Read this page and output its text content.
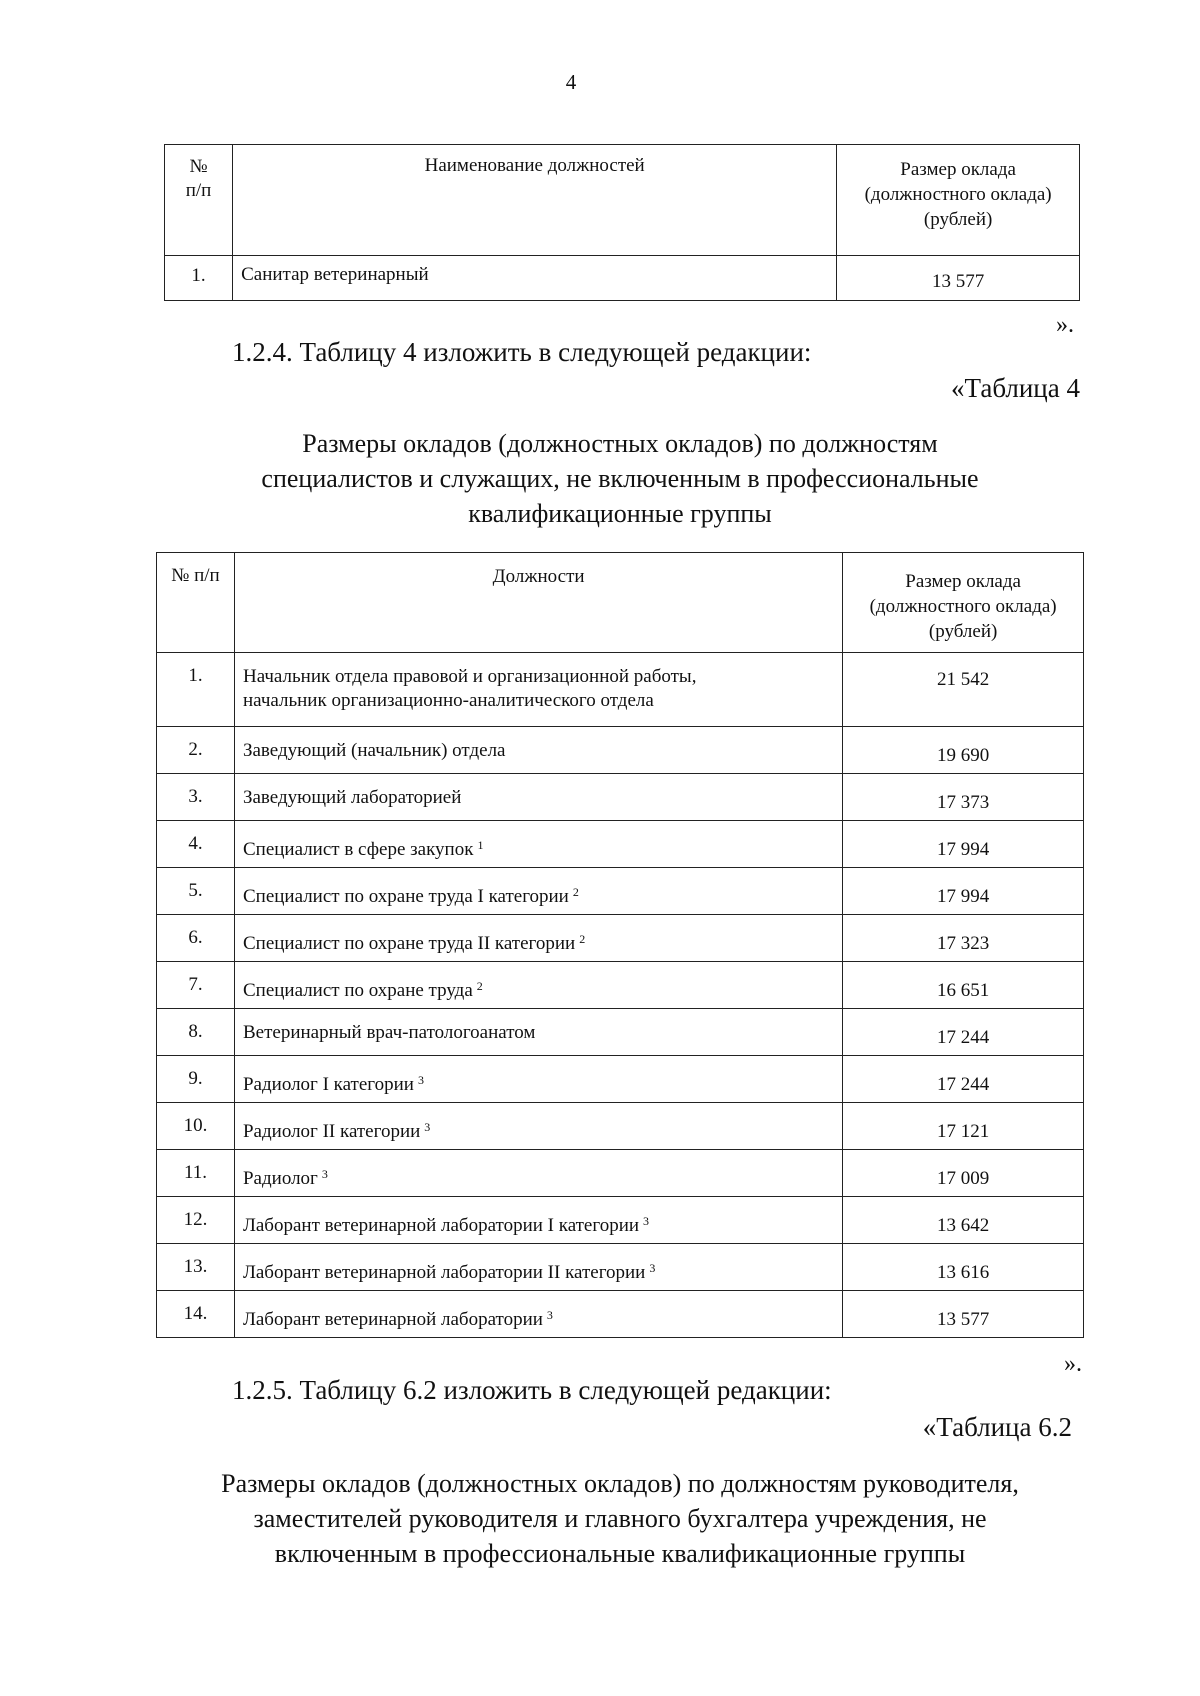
4
№
п/п	Наименование должностей	Размер оклада
(должностного оклада)
(рублей)

1.	Санитар ветеринарный	13 577
».
1.2.4. Таблицу 4 изложить в следующей редакции:
«Таблица 4
Размеры окладов (должностных окладов) по должностям
специалистов и служащих, не включенным в профессиональные
квалификационные группы
№ п/п	Должности	Размер оклада
(должностного оклада)
(рублей)

1.	Начальник отдела правовой и организационной работы,
начальник организационно-аналитического отдела	21 542
2.	Заведующий (начальник) отдела	19 690
3.	Заведующий лабораторией	17 373
4.	Специалист в сфере закупок $^1$	17 994
5.	Специалист по охране труда I категории $^2$	17 994
6.	Специалист по охране труда II категории $^2$	17 323
7.	Специалист по охране труда $^2$	16 651
8.	Ветеринарный врач-патологоанатом	17 244
9.	Радиолог I категории $^3$	17 244
10.	Радиолог II категории $^3$	17 121
11.	Радиолог $^3$	17 009
12.	Лаборант ветеринарной лаборатории I категории $^3$	13 642
13.	Лаборант ветеринарной лаборатории II категории $^3$	13 616
14.	Лаборант ветеринарной лаборатории $^3$	13 577
».
1.2.5. Таблицу 6.2 изложить в следующей редакции:
«Таблица 6.2
Размеры окладов (должностных окладов) по должностям руководителя,
заместителей руководителя и главного бухгалтера учреждения, не
включенным в профессиональные квалификационные группы
